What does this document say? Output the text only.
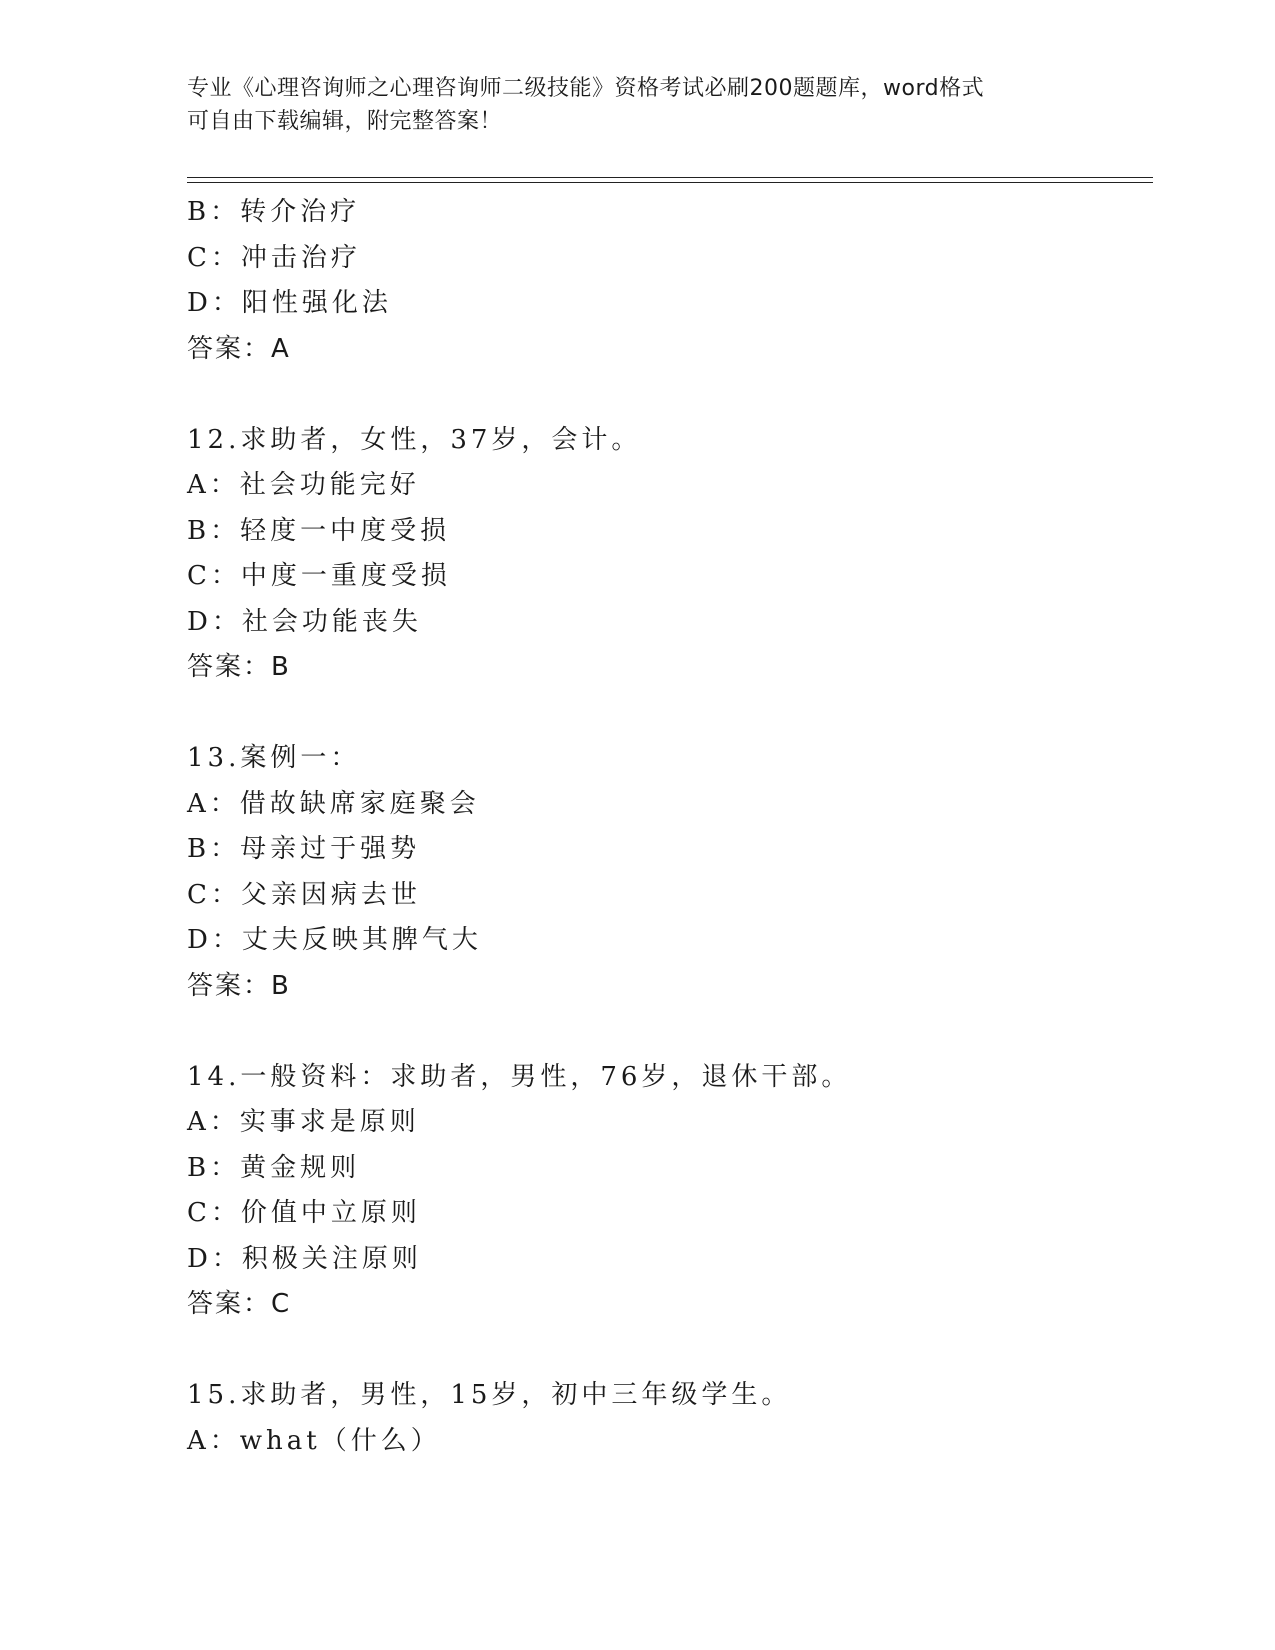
专业《心理咨询师之心理咨询师二级技能》资格考试必刷200题题库，word格式
可自由下载编辑，附完整答案！
B：转介治疗
C：冲击治疗
D：阳性强化法
答案：A
12.求助者，女性，37岁，会计。
A：社会功能完好
B：轻度一中度受损
C：中度一重度受损
D：社会功能丧失
答案：B
13.案例一：
A：借故缺席家庭聚会
B：母亲过于强势
C：父亲因病去世
D：丈夫反映其脾气大
答案：B
14.一般资料：求助者，男性，76岁，退休干部。
A：实事求是原则
B：黄金规则
C：价值中立原则
D：积极关注原则
答案：C
15.求助者，男性，15岁，初中三年级学生。
A：what（什么）
